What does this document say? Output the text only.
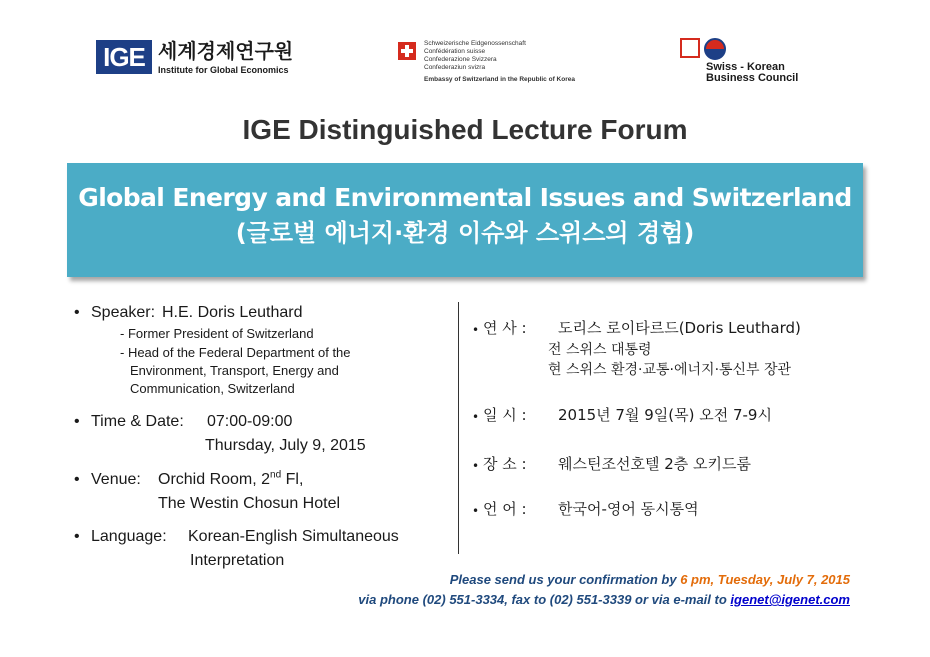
IGE 세계경제연구원
Institute for Global Economics
Schweizerische Eidgenossenschaft
Confédération suisse
Confederazione Svizzera
Confederaziun svizra
Embassy of Switzerland in the Republic of Korea
Swiss - Korean
Business Council
IGE Distinguished Lecture Forum
Global Energy and Environmental Issues and Switzerland
(글로벌 에너지·환경 이슈와 스위스의 경험)
• Speaker: H.E. Doris Leuthard
- Former President of Switzerland
- Head of the Federal Department of the
Environment, Transport, Energy and
Communication, Switzerland
• Time & Date: 07:00-09:00
Thursday, July 9, 2015
• Venue: Orchid Room, 2nd Fl,
The Westin Chosun Hotel
• Language: Korean-English Simultaneous
Interpretation
• 연 사 : 도리스 로이타르드(Doris Leuthard)
전 스위스 대통령
현 스위스 환경·교통·에너지·통신부 장관
• 일 시 : 2015년 7월 9일(목) 오전 7-9시
• 장 소 : 웨스틴조선호텔 2층 오키드룸
• 언 어 : 한국어-영어 동시통역
Please send us your confirmation by 6 pm, Tuesday, July 7, 2015
via phone (02) 551-3334, fax to (02) 551-3339 or via e-mail to igenet@igenet.com
